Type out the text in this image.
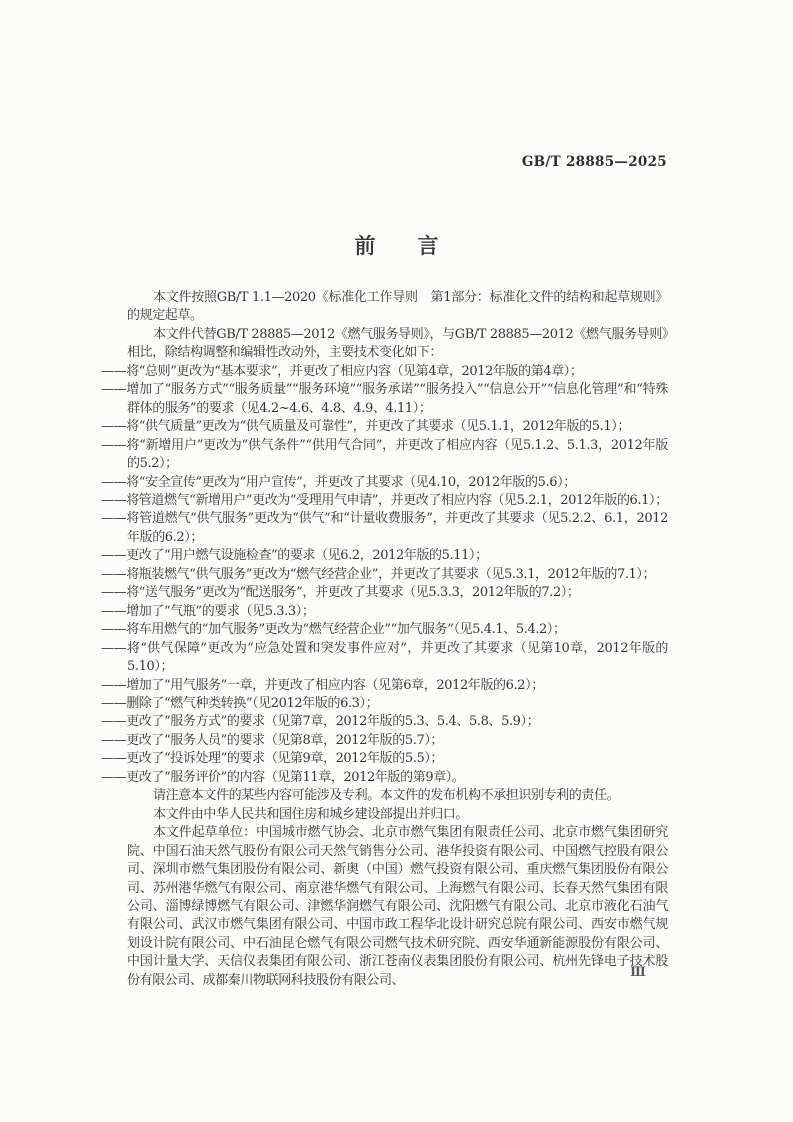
GB/T 28885—2025
前　　言

本文件按照GB/T 1.1—2020《标准化工作导则　第1部分：标准化文件的结构和起草规则》的规定起草。

本文件代替GB/T 28885—2012《燃气服务导则》，与GB/T 28885—2012《燃气服务导则》相比，除结构调整和编辑性改动外，主要技术变化如下：

——将“总则”更改为“基本要求”，并更改了相应内容（见第4章，2012年版的第4章）；

——增加了“服务方式”“服务质量”“服务环境”“服务承诺”“服务投入”“信息公开”“信息化管理”和“特殊群体的服务”的要求（见4.2~4.6、4.8、4.9、4.11）；

——将“供气质量”更改为“供气质量及可靠性”，并更改了其要求（见5.1.1，2012年版的5.1）；

——将“新增用户”更改为“供气条件”“供用气合同”，并更改了相应内容（见5.1.2、5.1.3，2012年版的5.2）；

——将“安全宣传”更改为“用户宣传”，并更改了其要求（见4.10，2012年版的5.6）；

——将管道燃气“新增用户”更改为“受理用气申请”，并更改了相应内容（见5.2.1，2012年版的6.1）；

——将管道燃气“供气服务”更改为“供气”和“计量收费服务”，并更改了其要求（见5.2.2、6.1，2012年版的6.2）；

——更改了“用户燃气设施检查”的要求（见6.2，2012年版的5.11）；

——将瓶装燃气“供气服务”更改为“燃气经营企业”，并更改了其要求（见5.3.1，2012年版的7.1）；

——将“送气服务”更改为“配送服务”，并更改了其要求（见5.3.3，2012年版的7.2）；

——增加了“气瓶”的要求（见5.3.3）；

——将车用燃气的“加气服务”更改为“燃气经营企业”“加气服务”（见5.4.1、5.4.2）；

——将“供气保障”更改为“应急处置和突发事件应对”，并更改了其要求（见第10章，2012年版的5.10）；

——增加了“用气服务”一章，并更改了相应内容（见第6章，2012年版的6.2）；

——删除了“燃气种类转换”（见2012年版的6.3）；

——更改了“服务方式”的要求（见第7章，2012年版的5.3、5.4、5.8、5.9）；

——更改了“服务人员”的要求（见第8章，2012年版的5.7）；

——更改了“投诉处理”的要求（见第9章，2012年版的5.5）；

——更改了“服务评价”的内容（见第11章，2012年版的第9章）。

请注意本文件的某些内容可能涉及专利。本文件的发布机构不承担识别专利的责任。

本文件由中华人民共和国住房和城乡建设部提出并归口。

本文件起草单位：中国城市燃气协会、北京市燃气集团有限责任公司、北京市燃气集团研究院、中国石油天然气股份有限公司天然气销售分公司、港华投资有限公司、中国燃气控股有限公司、深圳市燃气集团股份有限公司、新奥（中国）燃气投资有限公司、重庆燃气集团股份有限公司、苏州港华燃气有限公司、南京港华燃气有限公司、上海燃气有限公司、长春天然气集团有限公司、淄博绿博燃气有限公司、津燃华润燃气有限公司、沈阳燃气有限公司、北京市液化石油气有限公司、武汉市燃气集团有限公司、中国市政工程华北设计研究总院有限公司、西安市燃气规划设计院有限公司、中石油昆仑燃气有限公司燃气技术研究院、西安华通新能源股份有限公司、中国计量大学、天信仪表集团有限公司、浙江苍南仪表集团股份有限公司、杭州先锋电子技术股份有限公司、成都秦川物联网科技股份有限公司、

Ⅲ
